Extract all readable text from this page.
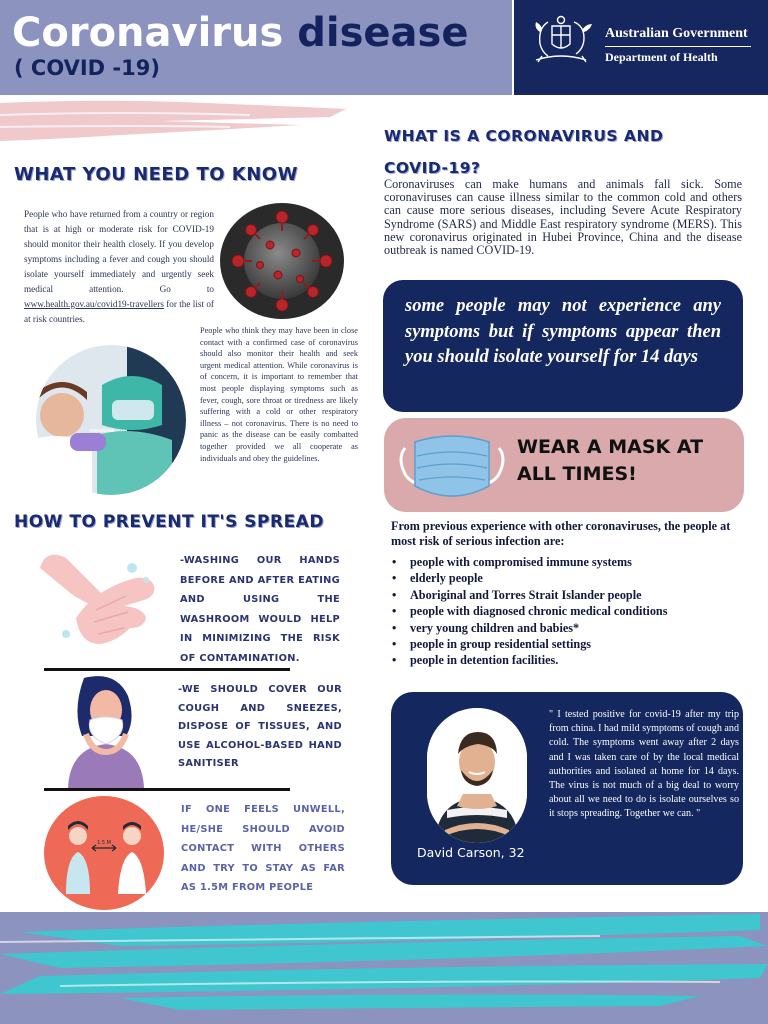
Coronavirus disease
( COVID -19)
Australian Government
Department of Health
WHAT YOU NEED TO KNOW
People who have returned from a country or region that is at high or moderate risk for COVID-19 should monitor their health closely. If you develop symptoms including a fever and cough you should isolate yourself immediately and urgently seek medical attention. Go to www.health.gov.au/covid19-travellers for the list of at risk countries.
People who think they may have been in close contact with a confirmed case of coronavirus should also monitor their health and seek urgent medical attention. While coronavirus is of concern, it is important to remember that most people displaying symptoms such as fever, cough, sore throat or tiredness are likely suffering with a cold or other respiratory illness – not coronavirus. There is no need to panic as the disease can be easily combatted together provided we all cooperate as individuals and obey the guidelines.
WHAT IS A CORONAVIRUS AND
COVID-19?
Coronaviruses can make humans and animals fall sick. Some coronaviruses can cause illness similar to the common cold and others can cause more serious diseases, including Severe Acute Respiratory Syndrome (SARS) and Middle East respiratory syndrome (MERS). This new coronavirus originated in Hubei Province, China and the disease outbreak is named COVID-19.
some people may not experience any symptoms but if symptoms appear then you should isolate yourself for 14 days
WEAR A MASK AT
ALL TIMES!
From previous experience with other coronaviruses, the people at most risk of serious infection are:
• people with compromised immune systems
• elderly people
• Aboriginal and Torres Strait Islander people
• people with diagnosed chronic medical conditions
• very young children and babies*
• people in group residential settings
• people in detention facilities.
HOW TO PREVENT IT'S SPREAD
-WASHING OUR HANDS BEFORE AND AFTER EATING AND USING THE WASHROOM WOULD HELP IN MINIMIZING THE RISK OF CONTAMINATION.
-WE SHOULD COVER OUR COUGH AND SNEEZES, DISPOSE OF TISSUES, AND USE ALCOHOL-BASED HAND SANITISER
1.5 M
IF ONE FEELS UNWELL, HE/SHE SHOULD AVOID CONTACT WITH OTHERS AND TRY TO STAY AS FAR AS 1.5M FROM PEOPLE
David Carson, 32
" I tested positive for covid-19 after my trip from china. I had mild symptoms of cough and cold. The symptoms went away after 2 days and I was taken care of by the local medical authorities and isolated at home for 14 days. The virus is not much of a big deal to worry about all we need to do is isolate ourselves so it stops spreading. Together we can. "
